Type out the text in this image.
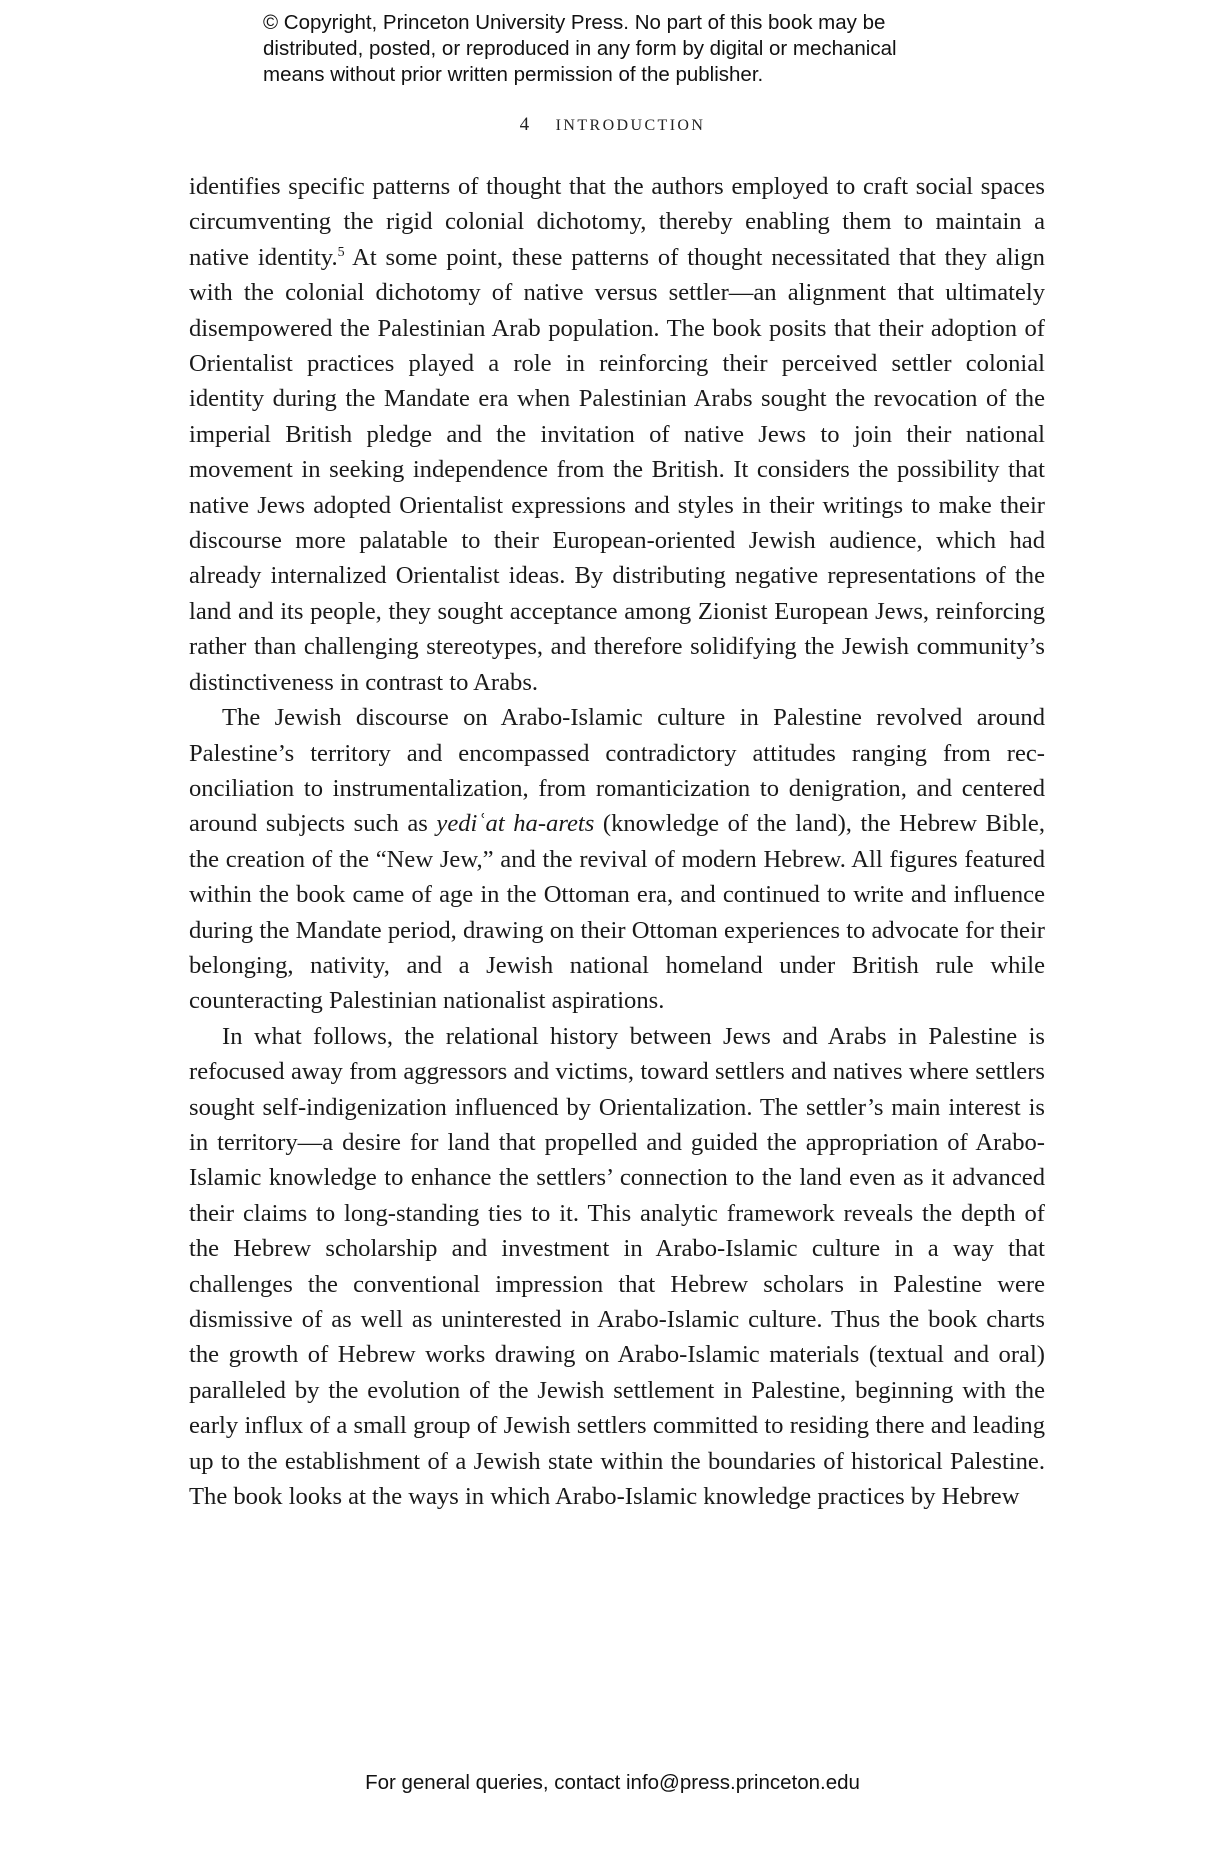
© Copyright, Princeton University Press. No part of this book may be
distributed, posted, or reproduced in any form by digital or mechanical
means without prior written permission of the publisher.
4 INTRODUCTION

identifies specific patterns of thought that the authors employed to craft social spaces circumventing the rigid colonial dichotomy, thereby enabling them to maintain a native identity.$^5$ At some point, these patterns of thought necessitated that they align with the colonial dichotomy of native versus settler—an alignment that ultimately disempowered the Palestinian Arab population. The book posits that their adoption of Orientalist practices played a role in reinforcing their perceived settler colonial identity during the Mandate era when Palestinian Arabs sought the revocation of the imperial British pledge and the invitation of native Jews to join their national movement in seeking independence from the British. It considers the possibility that native Jews adopted Orientalist expressions and styles in their writings to make their discourse more palatable to their European-oriented Jewish audience, which had already internalized Orientalist ideas. By distributing negative representations of the land and its people, they sought acceptance among Zionist European Jews, reinforcing rather than challenging stereotypes, and therefore solidifying the Jewish community’s distinctiveness in contrast to Arabs.

The Jewish discourse on Arabo-Islamic culture in Palestine revolved around Palestine’s territory and encompassed contradictory attitudes ranging from reconciliation to instrumentalization, from romanticization to denigration, and centered around subjects such as yediʿat ha-arets (knowledge of the land), the Hebrew Bible, the creation of the “New Jew,” and the revival of modern Hebrew. All figures featured within the book came of age in the Ottoman era, and continued to write and influence during the Mandate period, drawing on their Ottoman experiences to advocate for their belonging, nativity, and a Jewish national homeland under British rule while counteracting Palestinian nationalist aspirations.

In what follows, the relational history between Jews and Arabs in Palestine is refocused away from aggressors and victims, toward settlers and natives where settlers sought self-indigenization influenced by Orientalization. The settler’s main interest is in territory—a desire for land that propelled and guided the appropriation of Arabo-Islamic knowledge to enhance the settlers’ connection to the land even as it advanced their claims to long-standing ties to it. This analytic framework reveals the depth of the Hebrew scholarship and investment in Arabo-Islamic culture in a way that challenges the conventional impression that Hebrew scholars in Palestine were dismissive of as well as uninterested in Arabo-Islamic culture. Thus the book charts the growth of Hebrew works drawing on Arabo-Islamic materials (textual and oral) paralleled by the evolution of the Jewish settlement in Palestine, beginning with the early influx of a small group of Jewish settlers committed to residing there and leading up to the establishment of a Jewish state within the boundaries of historical Palestine. The book looks at the ways in which Arabo-Islamic knowledge practices by Hebrew

For general queries, contact info@press.princeton.edu
